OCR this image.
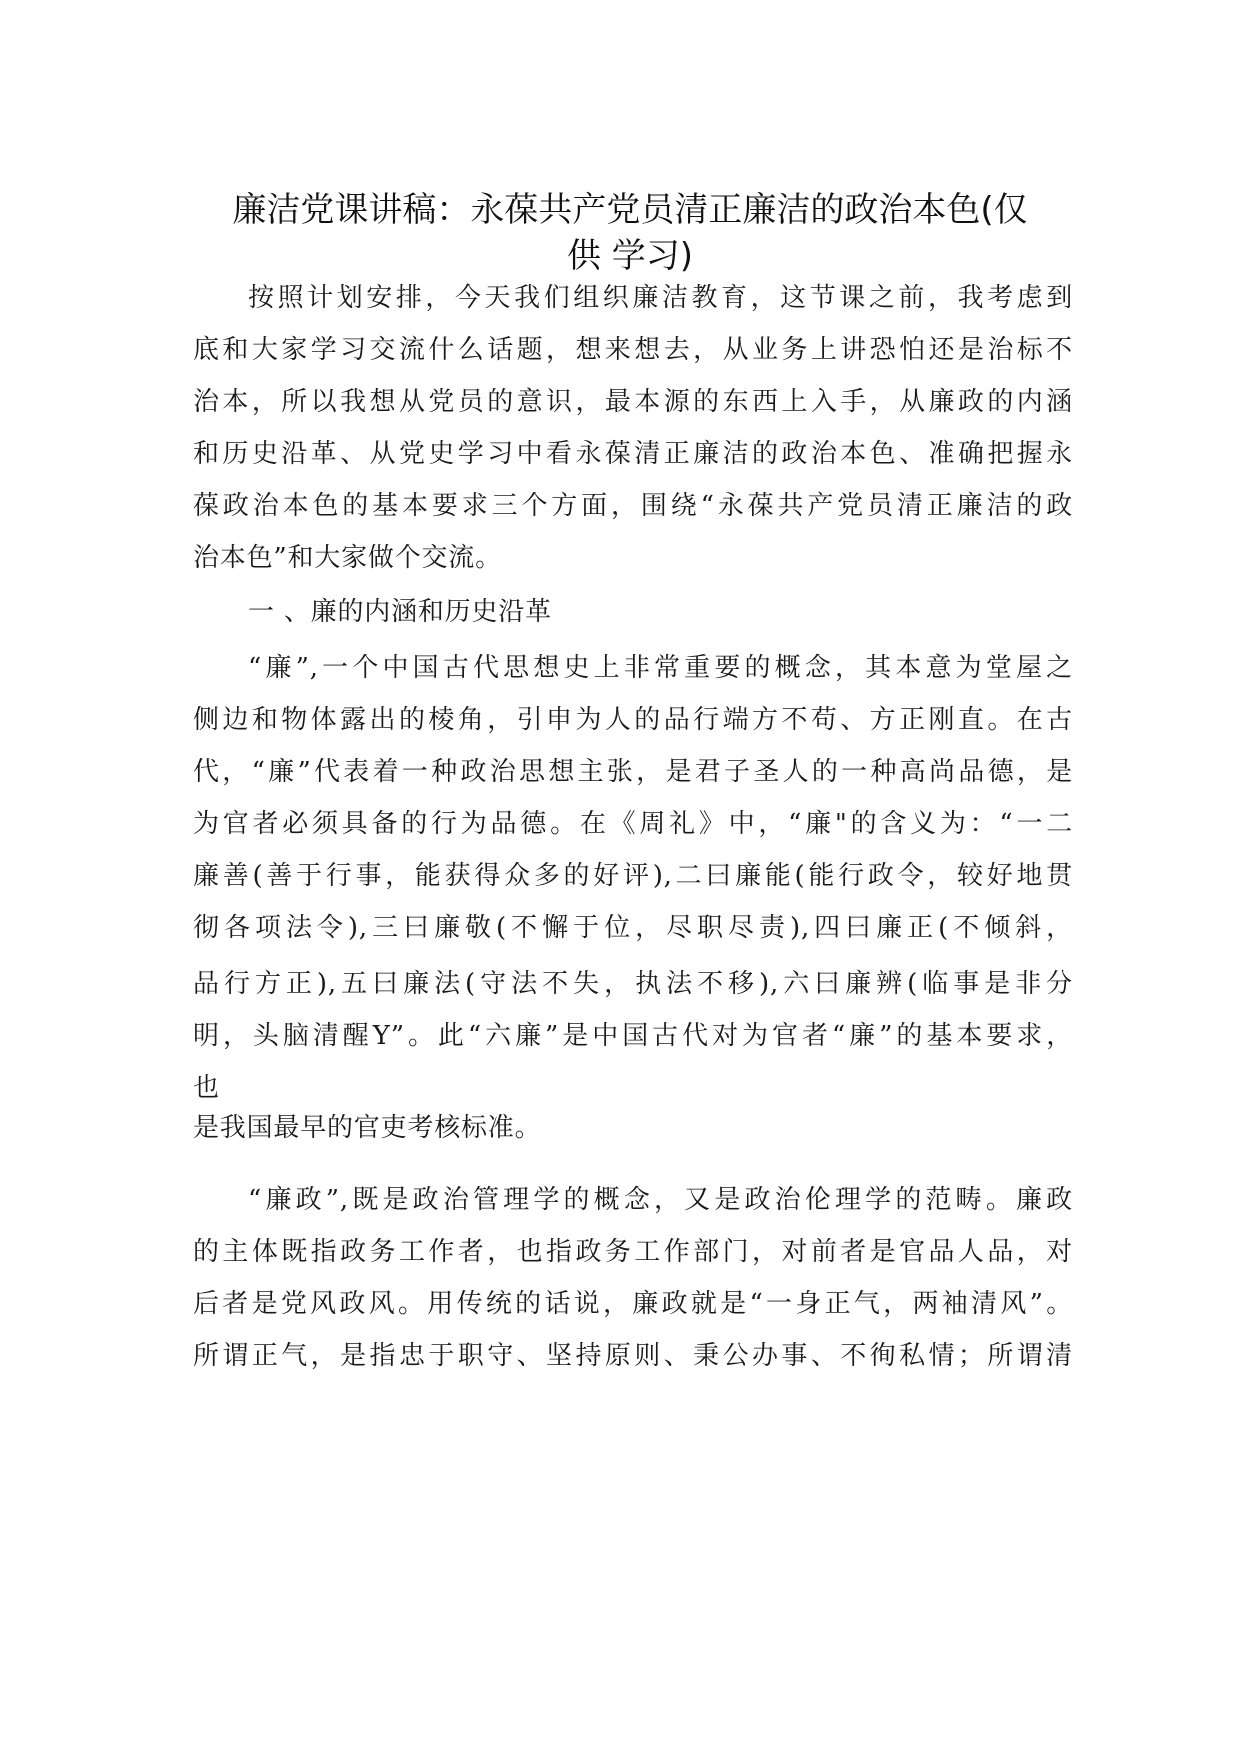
廉洁党课讲稿：永葆共产党员清正廉洁的政治本色(仅
供 学习)

按照计划安排，今天我们组织廉洁教育，这节课之前，我考虑到

底和大家学习交流什么话题，想来想去，从业务上讲恐怕还是治标不

治本，所以我想从党员的意识，最本源的东西上入手，从廉政的内涵

和历史沿革、从党史学习中看永葆清正廉洁的政治本色、准确把握永

葆政治本色的基本要求三个方面，围绕“永葆共产党员清正廉洁的政

治本色”和大家做个交流。

一 、廉的内涵和历史沿革

“廉”,一个中国古代思想史上非常重要的概念，其本意为堂屋之

侧边和物体露出的棱角，引申为人的品行端方不苟、方正刚直。在古

代，“廉”代表着一种政治思想主张，是君子圣人的一种高尚品德，是

为官者必须具备的行为品德。在《周礼》中，“廉"的含义为：“一二

廉善(善于行事，能获得众多的好评),二曰廉能(能行政令，较好地贯

彻各项法令),三曰廉敬(不懈于位，尽职尽责),四曰廉正(不倾斜，

品行方正),五曰廉法(守法不失，执法不移),六曰廉辨(临事是非分

明，头脑清醒Y”。此“六廉”是中国古代对为官者“廉”的基本要求，

也

是我国最早的官吏考核标准。

“廉政”,既是政治管理学的概念，又是政治伦理学的范畴。廉政

的主体既指政务工作者，也指政务工作部门，对前者是官品人品，对

后者是党风政风。用传统的话说，廉政就是“一身正气，两袖清风”。

所谓正气，是指忠于职守、坚持原则、秉公办事、不徇私情；所谓清
